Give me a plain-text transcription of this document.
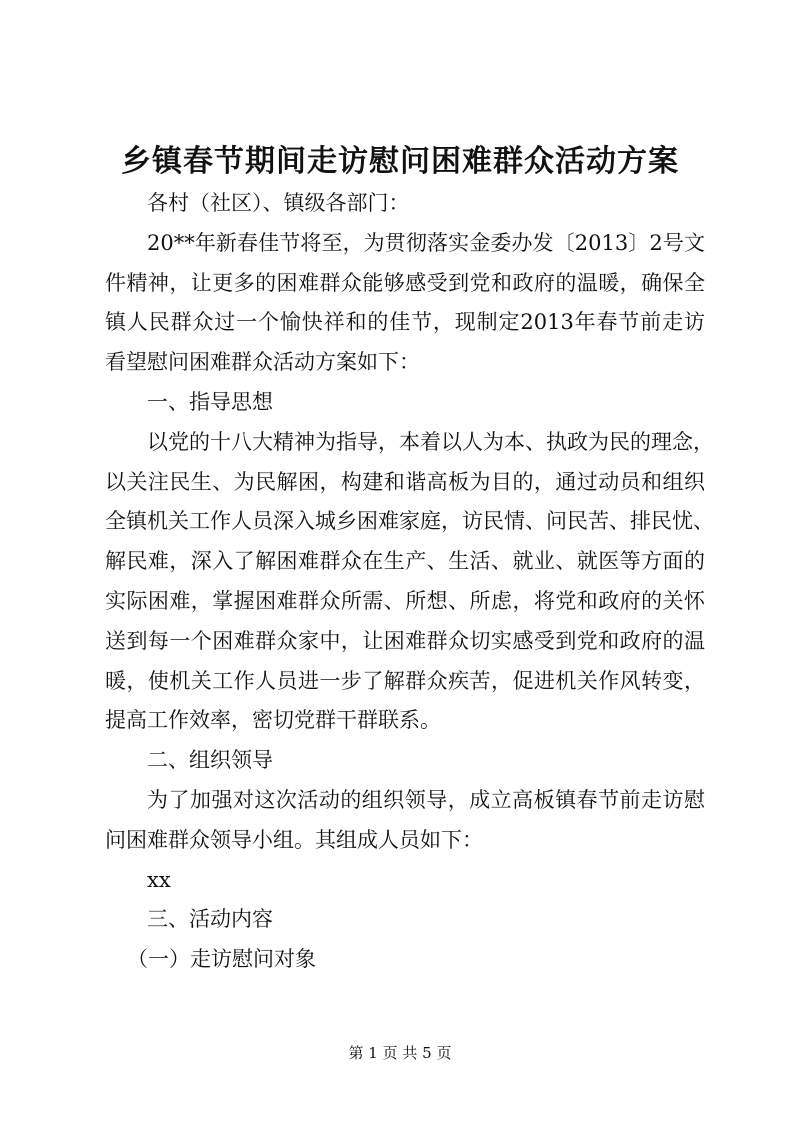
乡镇春节期间走访慰问困难群众活动方案

各村（社区）、镇级各部门：

20**年新春佳节将至，为贯彻落实金委办发〔2013〕2号文
件精神，让更多的困难群众能够感受到党和政府的温暖，确保全
镇人民群众过一个愉快祥和的佳节，现制定2013年春节前走访
看望慰问困难群众活动方案如下：

一、指导思想

以党的十八大精神为指导，本着以人为本、执政为民的理念，
以关注民生、为民解困，构建和谐高板为目的，通过动员和组织
全镇机关工作人员深入城乡困难家庭，访民情、问民苦、排民忧、
解民难，深入了解困难群众在生产、生活、就业、就医等方面的
实际困难，掌握困难群众所需、所想、所虑，将党和政府的关怀
送到每一个困难群众家中，让困难群众切实感受到党和政府的温
暖，使机关工作人员进一步了解群众疾苦，促进机关作风转变，
提高工作效率，密切党群干群联系。

二、组织领导

为了加强对这次活动的组织领导，成立高板镇春节前走访慰
问困难群众领导小组。其组成人员如下：

xx

三、活动内容

（一）走访慰问对象

第 1 页 共 5 页
